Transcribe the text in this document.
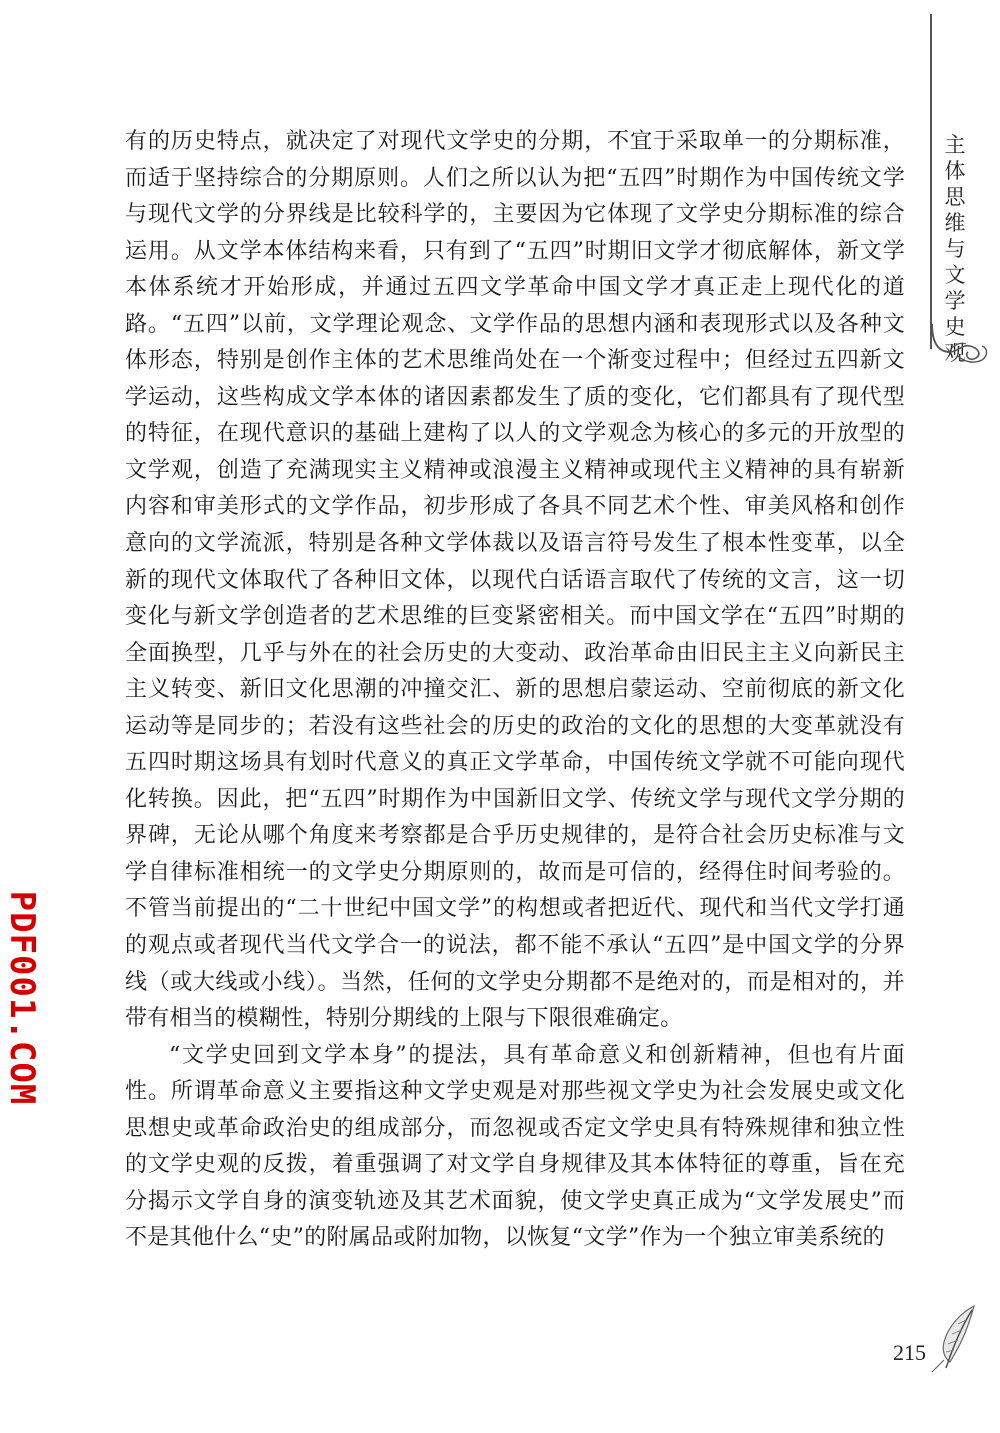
主
体
思
维
与
文
学
史
观

有的历史特点，就决定了对现代文学史的分期，不宜于采取单一的分期标准，而适于坚持综合的分期原则。人们之所以认为把“五四”时期作为中国传统文学与现代文学的分界线是比较科学的，主要因为它体现了文学史分期标准的综合运用。从文学本体结构来看，只有到了“五四”时期旧文学才彻底解体，新文学本体系统才开始形成，并通过五四文学革命中国文学才真正走上现代化的道路。“五四”以前，文学理论观念、文学作品的思想内涵和表现形式以及各种文体形态，特别是创作主体的艺术思维尚处在一个渐变过程中；但经过五四新文学运动，这些构成文学本体的诸因素都发生了质的变化，它们都具有了现代型的特征，在现代意识的基础上建构了以人的文学观念为核心的多元的开放型的文学观，创造了充满现实主义精神或浪漫主义精神或现代主义精神的具有崭新内容和审美形式的文学作品，初步形成了各具不同艺术个性、审美风格和创作意向的文学流派，特别是各种文学体裁以及语言符号发生了根本性变革，以全新的现代文体取代了各种旧文体，以现代白话语言取代了传统的文言，这一切变化与新文学创造者的艺术思维的巨变紧密相关。而中国文学在“五四”时期的全面换型，几乎与外在的社会历史的大变动、政治革命由旧民主主义向新民主主义转变、新旧文化思潮的冲撞交汇、新的思想启蒙运动、空前彻底的新文化运动等是同步的；若没有这些社会的历史的政治的文化的思想的大变革就没有五四时期这场具有划时代意义的真正文学革命，中国传统文学就不可能向现代化转换。因此，把“五四”时期作为中国新旧文学、传统文学与现代文学分期的界碑，无论从哪个角度来考察都是合乎历史规律的，是符合社会历史标准与文学自律标准相统一的文学史分期原则的，故而是可信的，经得住时间考验的。不管当前提出的“二十世纪中国文学”的构想或者把近代、现代和当代文学打通的观点或者现代当代文学合一的说法，都不能不承认“五四”是中国文学的分界线（或大线或小线）。当然，任何的文学史分期都不是绝对的，而是相对的，并带有相当的模糊性，特别分期线的上限与下限很难确定。

“文学史回到文学本身”的提法，具有革命意义和创新精神，但也有片面性。所谓革命意义主要指这种文学史观是对那些视文学史为社会发展史或文化思想史或革命政治史的组成部分，而忽视或否定文学史具有特殊规律和独立性的文学史观的反拨，着重强调了对文学自身规律及其本体特征的尊重，旨在充分揭示文学自身的演变轨迹及其艺术面貌，使文学史真正成为“文学发展史”而不是其他什么“史”的附属品或附加物，以恢复“文学”作为一个独立审美系统的

PDF001.COM
215
